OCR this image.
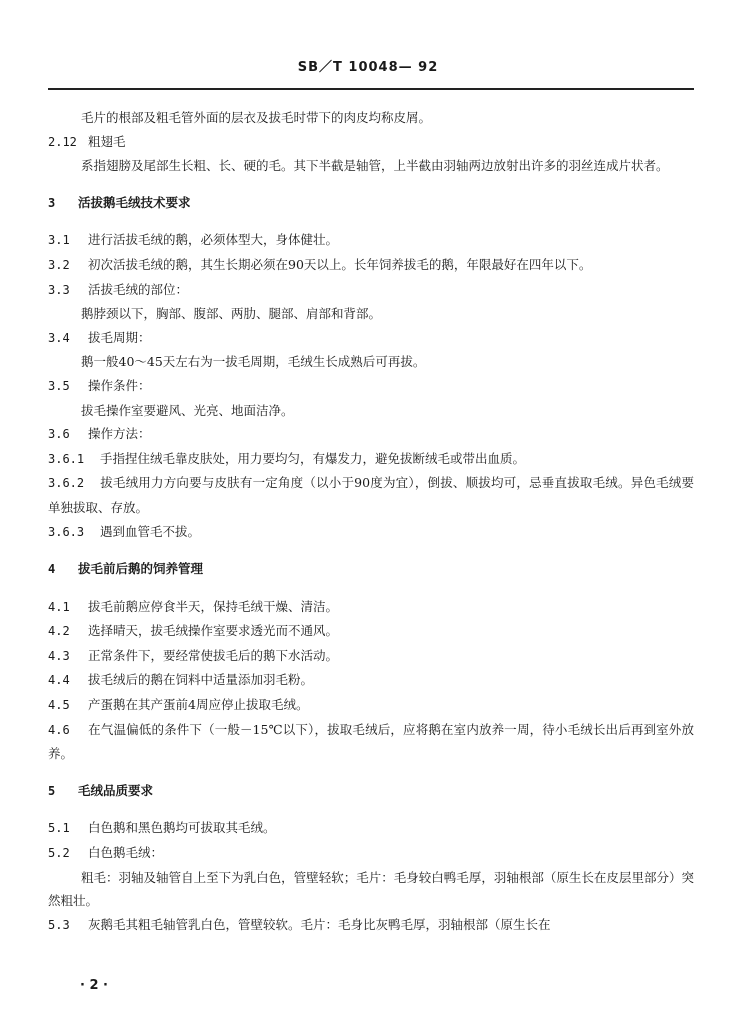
SB／T 10048— 92
毛片的根部及粗毛管外面的层衣及拔毛时带下的肉皮均称皮屑。
2.12 粗翅毛
系指翅膀及尾部生长粗、长、硬的毛。其下半截是轴管，上半截由羽轴两边放射出许多的羽丝连成片状者。
3 活拔鹅毛绒技术要求
3.1 进行活拔毛绒的鹅，必须体型大，身体健壮。
3.2 初次活拔毛绒的鹅，其生长期必须在90天以上。长年饲养拔毛的鹅，年限最好在四年以下。
3.3 活拔毛绒的部位：
鹅脖颈以下，胸部、腹部、两肋、腿部、肩部和背部。
3.4 拔毛周期：
鹅一般40～45天左右为一拔毛周期，毛绒生长成熟后可再拔。
3.5 操作条件：
拔毛操作室要避风、光亮、地面洁净。
3.6 操作方法：
3.6.1 手指捏住绒毛靠皮肤处，用力要均匀，有爆发力，避免拔断绒毛或带出血质。
3.6.2 拔毛绒用力方向要与皮肤有一定角度（以小于90度为宜），倒拔、顺拔均可，忌垂直拔取毛绒。异色毛绒要单独拔取、存放。
3.6.3 遇到血管毛不拔。
4 拔毛前后鹅的饲养管理
4.1 拔毛前鹅应停食半天，保持毛绒干燥、清洁。
4.2 选择晴天，拔毛绒操作室要求透光而不通风。
4.3 正常条件下，要经常使拔毛后的鹅下水活动。
4.4 拔毛绒后的鹅在饲料中适量添加羽毛粉。
4.5 产蛋鹅在其产蛋前4周应停止拔取毛绒。
4.6 在气温偏低的条件下（一般－15℃以下），拔取毛绒后，应将鹅在室内放养一周，待小毛绒长出后再到室外放养。
5 毛绒品质要求
5.1 白色鹅和黑色鹅均可拔取其毛绒。
5.2 白色鹅毛绒：
粗毛：羽轴及轴管自上至下为乳白色，管壁轻软；毛片：毛身较白鸭毛厚，羽轴根部（原生长在皮层里部分）突然粗壮。
5.3 灰鹅毛其粗毛轴管乳白色，管壁较软。毛片：毛身比灰鸭毛厚，羽轴根部（原生长在
· 2 ·
